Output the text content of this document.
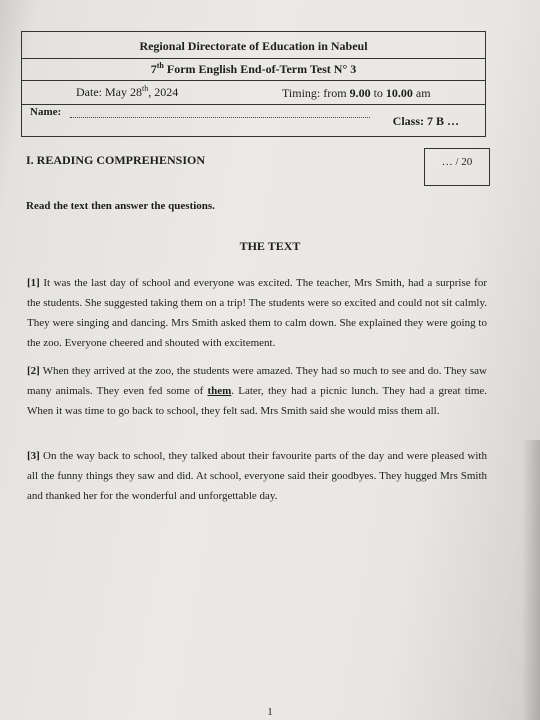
Regional Directorate of Education in Nabeul
7th Form English End-of-Term Test N° 3
Date: May 28th, 2024	Timing: from 9.00 to 10.00 am
Name:
Class: 7 B …
I. READING COMPREHENSION	… / 20
Read the text then answer the questions.
THE TEXT
[1] It was the last day of school and everyone was excited. The teacher, Mrs Smith, had a surprise for the students. She suggested taking them on a trip! The students were so excited and could not sit calmly. They were singing and dancing. Mrs Smith asked them to calm down. She explained they were going to the zoo. Everyone cheered and shouted with excitement.
[2] When they arrived at the zoo, the students were amazed. They had so much to see and do. They saw many animals. They even fed some of them. Later, they had a picnic lunch. They had a great time. When it was time to go back to school, they felt sad. Mrs Smith said she would miss them all.
[3] On the way back to school, they talked about their favourite parts of the day and were pleased with all the funny things they saw and did. At school, everyone said their goodbyes. They hugged Mrs Smith and thanked her for the wonderful and unforgettable day.
1
